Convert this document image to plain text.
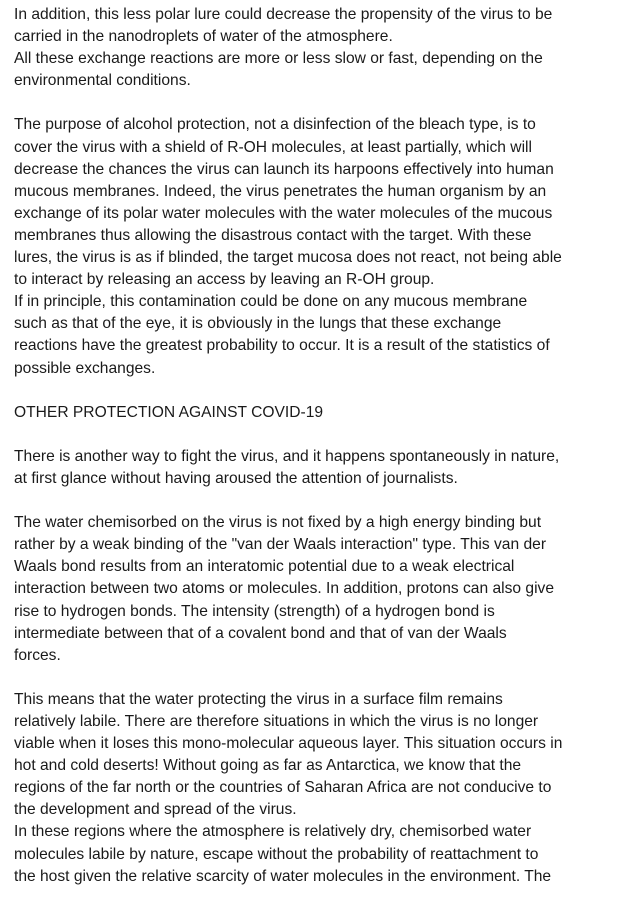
In addition, this less polar lure could decrease the propensity of the virus to be

carried in the nanodroplets of water of the atmosphere.

All these exchange reactions are more or less slow or fast, depending on the

environmental conditions.

The purpose of alcohol protection, not a disinfection of the bleach type, is to

cover the virus with a shield of R-OH molecules, at least partially, which will

decrease the chances the virus can launch its harpoons effectively into human

mucous membranes. Indeed, the virus penetrates the human organism by an

exchange of its polar water molecules with the water molecules of the mucous

membranes thus allowing the disastrous contact with the target. With these

lures, the virus is as if blinded, the target mucosa does not react, not being able

to interact by releasing an access by leaving an R-OH group.

If in principle, this contamination could be done on any mucous membrane

such as that of the eye, it is obviously in the lungs that these exchange

reactions have the greatest probability to occur. It is a result of the statistics of

possible exchanges.

OTHER PROTECTION AGAINST COVID-19

There is another way to fight the virus, and it happens spontaneously in nature,

at first glance without having aroused the attention of journalists.

The water chemisorbed on the virus is not fixed by a high energy binding but

rather by a weak binding of the "van der Waals interaction" type. This van der

Waals bond results from an interatomic potential due to a weak electrical

interaction between two atoms or molecules. In addition, protons can also give

rise to hydrogen bonds. The intensity (strength) of a hydrogen bond is

intermediate between that of a covalent bond and that of van der Waals

forces.

This means that the water protecting the virus in a surface film remains

relatively labile. There are therefore situations in which the virus is no longer

viable when it loses this mono-molecular aqueous layer. This situation occurs in

hot and cold deserts! Without going as far as Antarctica, we know that the

regions of the far north or the countries of Saharan Africa are not conducive to

the development and spread of the virus.

In these regions where the atmosphere is relatively dry, chemisorbed water

molecules labile by nature, escape without the probability of reattachment to

the host given the relative scarcity of water molecules in the environment. The
